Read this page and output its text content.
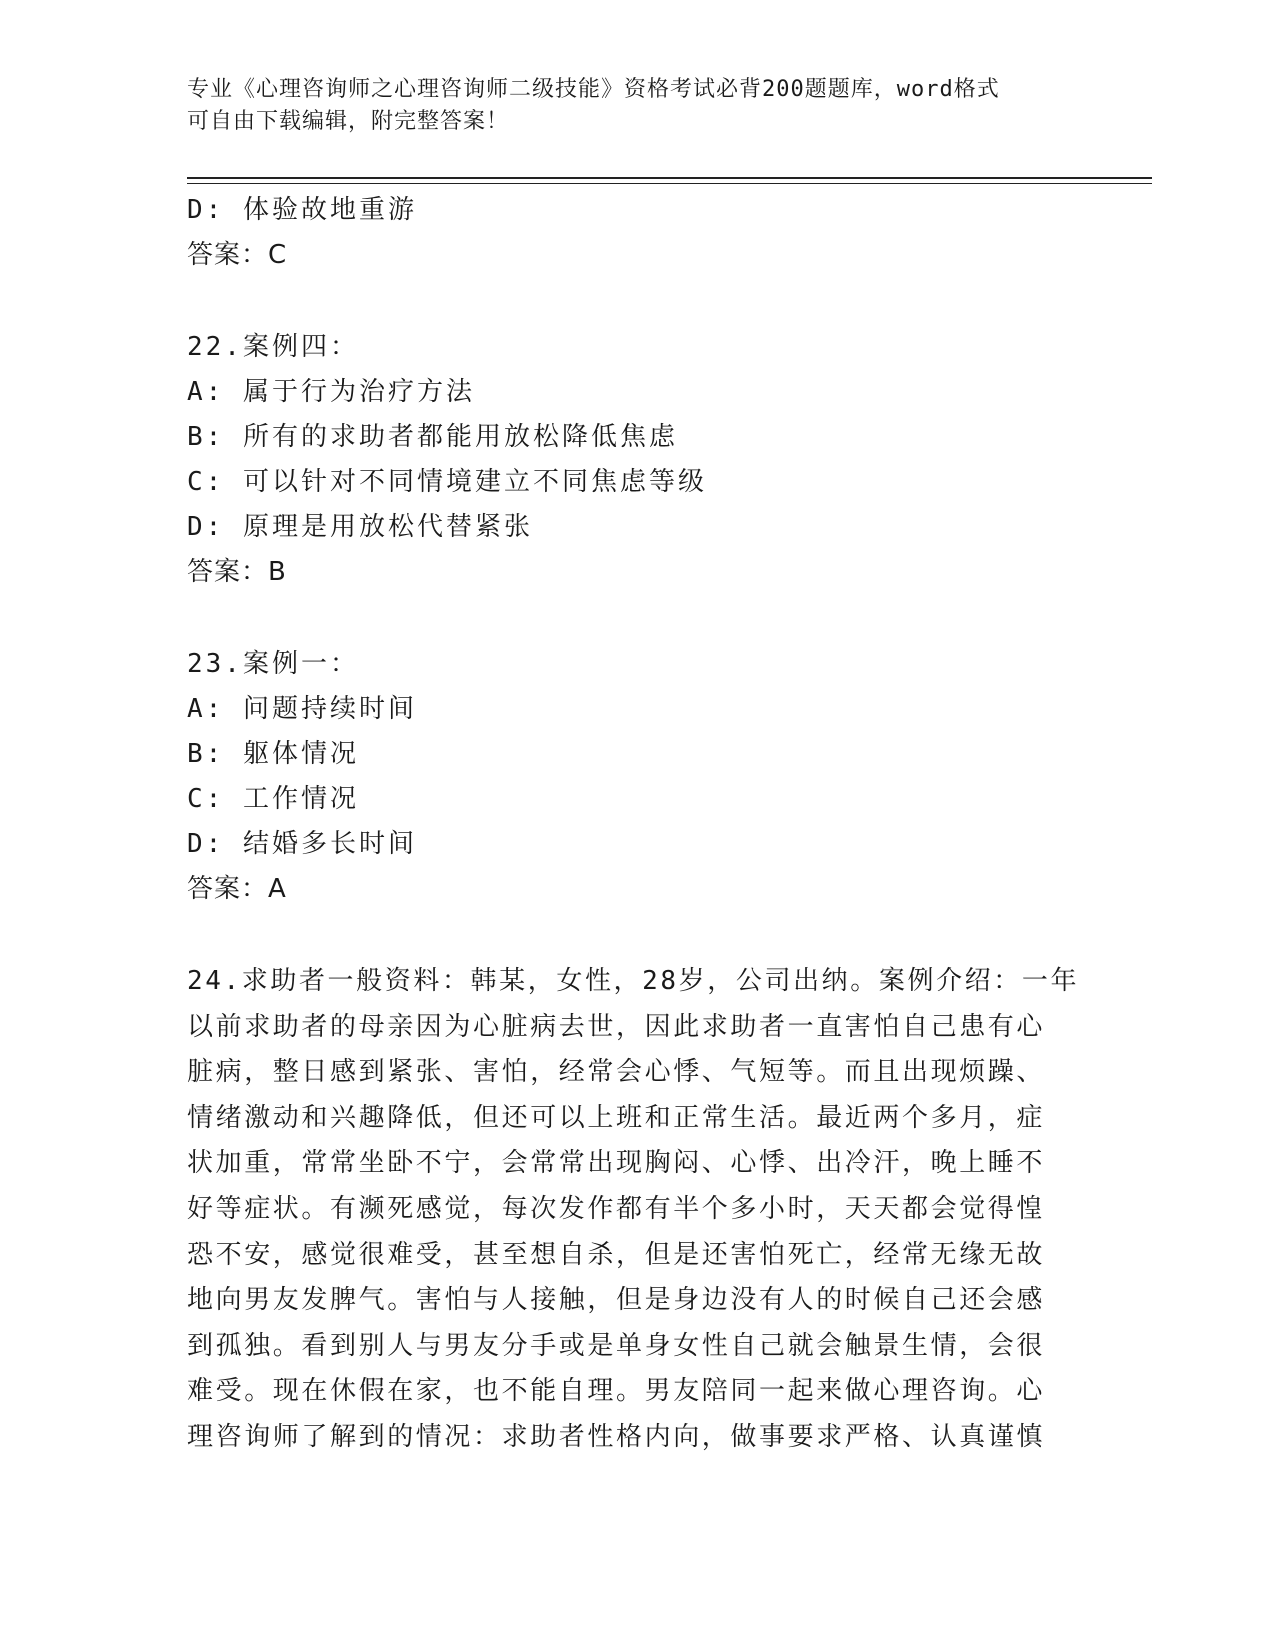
专业《心理咨询师之心理咨询师二级技能》资格考试必背200题题库，word格式
可自由下载编辑，附完整答案！
D: 体验故地重游
答案：C
22.案例四：
A: 属于行为治疗方法
B: 所有的求助者都能用放松降低焦虑
C: 可以针对不同情境建立不同焦虑等级
D: 原理是用放松代替紧张
答案：B
23.案例一：
A: 问题持续时间
B: 躯体情况
C: 工作情况
D: 结婚多长时间
答案：A
24.求助者一般资料：韩某，女性，28岁，公司出纳。案例介绍：一年
以前求助者的母亲因为心脏病去世，因此求助者一直害怕自己患有心
脏病，整日感到紧张、害怕，经常会心悸、气短等。而且出现烦躁、
情绪激动和兴趣降低，但还可以上班和正常生活。最近两个多月，症
状加重，常常坐卧不宁，会常常出现胸闷、心悸、出冷汗，晚上睡不
好等症状。有濒死感觉，每次发作都有半个多小时，天天都会觉得惶
恐不安，感觉很难受，甚至想自杀，但是还害怕死亡，经常无缘无故
地向男友发脾气。害怕与人接触，但是身边没有人的时候自己还会感
到孤独。看到别人与男友分手或是单身女性自己就会触景生情，会很
难受。现在休假在家，也不能自理。男友陪同一起来做心理咨询。心
理咨询师了解到的情况：求助者性格内向，做事要求严格、认真谨慎
